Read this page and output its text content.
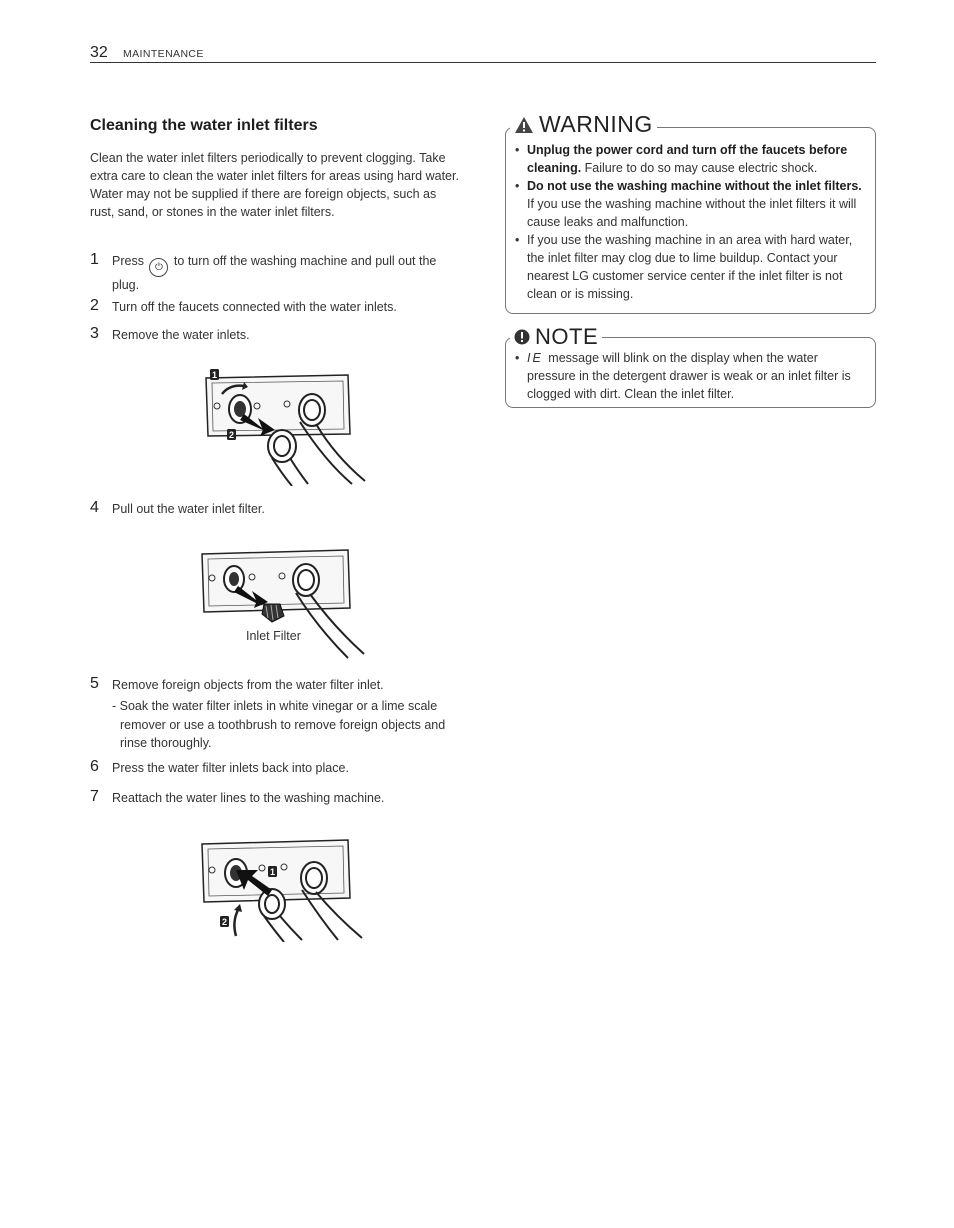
32 MAINTENANCE
Cleaning the water inlet filters

Clean the water inlet filters periodically to prevent clogging. Take extra care to clean the water inlet filters for areas using hard water. Water may not be supplied if there are foreign objects, such as rust, sand, or stones in the water inlet filters.

1 Press ⏻ to turn off the washing machine and pull out the plug.
2 Turn off the faucets connected with the water inlets.
3 Remove the water inlets.
1
2
4 Pull out the water inlet filter.
Inlet Filter
5 Remove foreign objects from the water filter inlet.
- Soak the water filter inlets in white vinegar or a lime scale remover or use a toothbrush to remove foreign objects and rinse thoroughly.
6 Press the water filter inlets back into place.
7 Reattach the water lines to the washing machine.
1
2
WARNING
• Unplug the power cord and turn off the faucets before cleaning. Failure to do so may cause electric shock.
• Do not use the washing machine without the inlet filters. If you use the washing machine without the inlet filters it will cause leaks and malfunction.
• If you use the washing machine in an area with hard water, the inlet filter may clog due to lime buildup. Contact your nearest LG customer service center if the inlet filter is not clean or is missing.
NOTE
• IE message will blink on the display when the water pressure in the detergent drawer is weak or an inlet filter is clogged with dirt. Clean the inlet filter.
